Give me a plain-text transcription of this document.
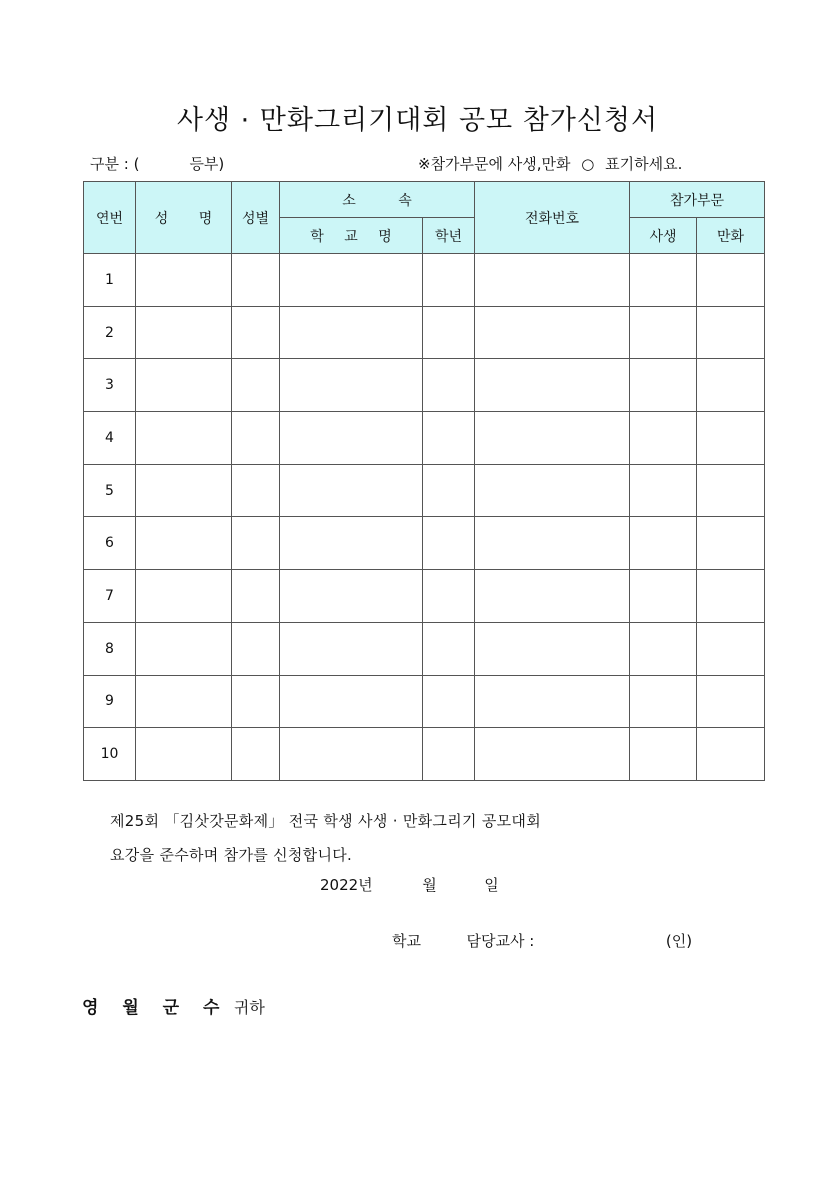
사생 · 만화그리기대회 공모 참가신청서
구분 : (	등부)	※참가부문에 사생,만화 ○ 표기하세요.
연번	성 명	성별	소 속		전화번호	참가부문	
			학 교 명	학년		사생	만화
1							
2							
3							
4							
5							
6							
7							
8							
9							
10							
제25회 「김삿갓문화제」 전국 학생 사생 · 만화그리기 공모대회
요강을 준수하며 참가를 신청합니다.
2022년	월	일
학교	담당교사 :	(인)
영 월 군 수 귀하
